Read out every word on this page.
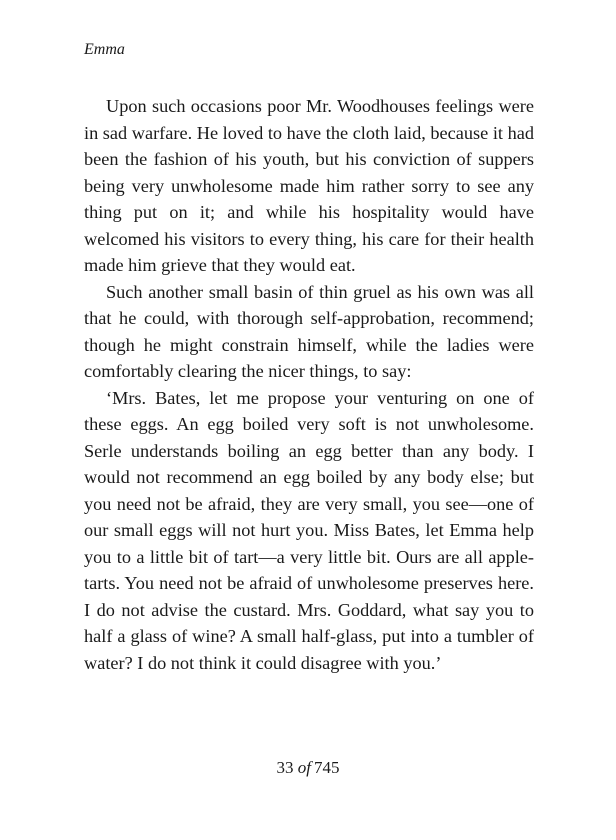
Emma

Upon such occasions poor Mr. Woodhouses feelings were in sad warfare. He loved to have the cloth laid, because it had been the fashion of his youth, but his conviction of suppers being very unwholesome made him rather sorry to see any thing put on it; and while his hospitality would have welcomed his visitors to every thing, his care for their health made him grieve that they would eat.

Such another small basin of thin gruel as his own was all that he could, with thorough self-approbation, recommend; though he might constrain himself, while the ladies were comfortably clearing the nicer things, to say:

‘Mrs. Bates, let me propose your venturing on one of these eggs. An egg boiled very soft is not unwholesome. Serle understands boiling an egg better than any body. I would not recommend an egg boiled by any body else; but you need not be afraid, they are very small, you see—one of our small eggs will not hurt you. Miss Bates, let Emma help you to a little bit of tart—a very little bit. Ours are all apple-tarts. You need not be afraid of unwholesome preserves here. I do not advise the custard. Mrs. Goddard, what say you to half a glass of wine? A small half-glass, put into a tumbler of water? I do not think it could disagree with you.’

33 of 745
